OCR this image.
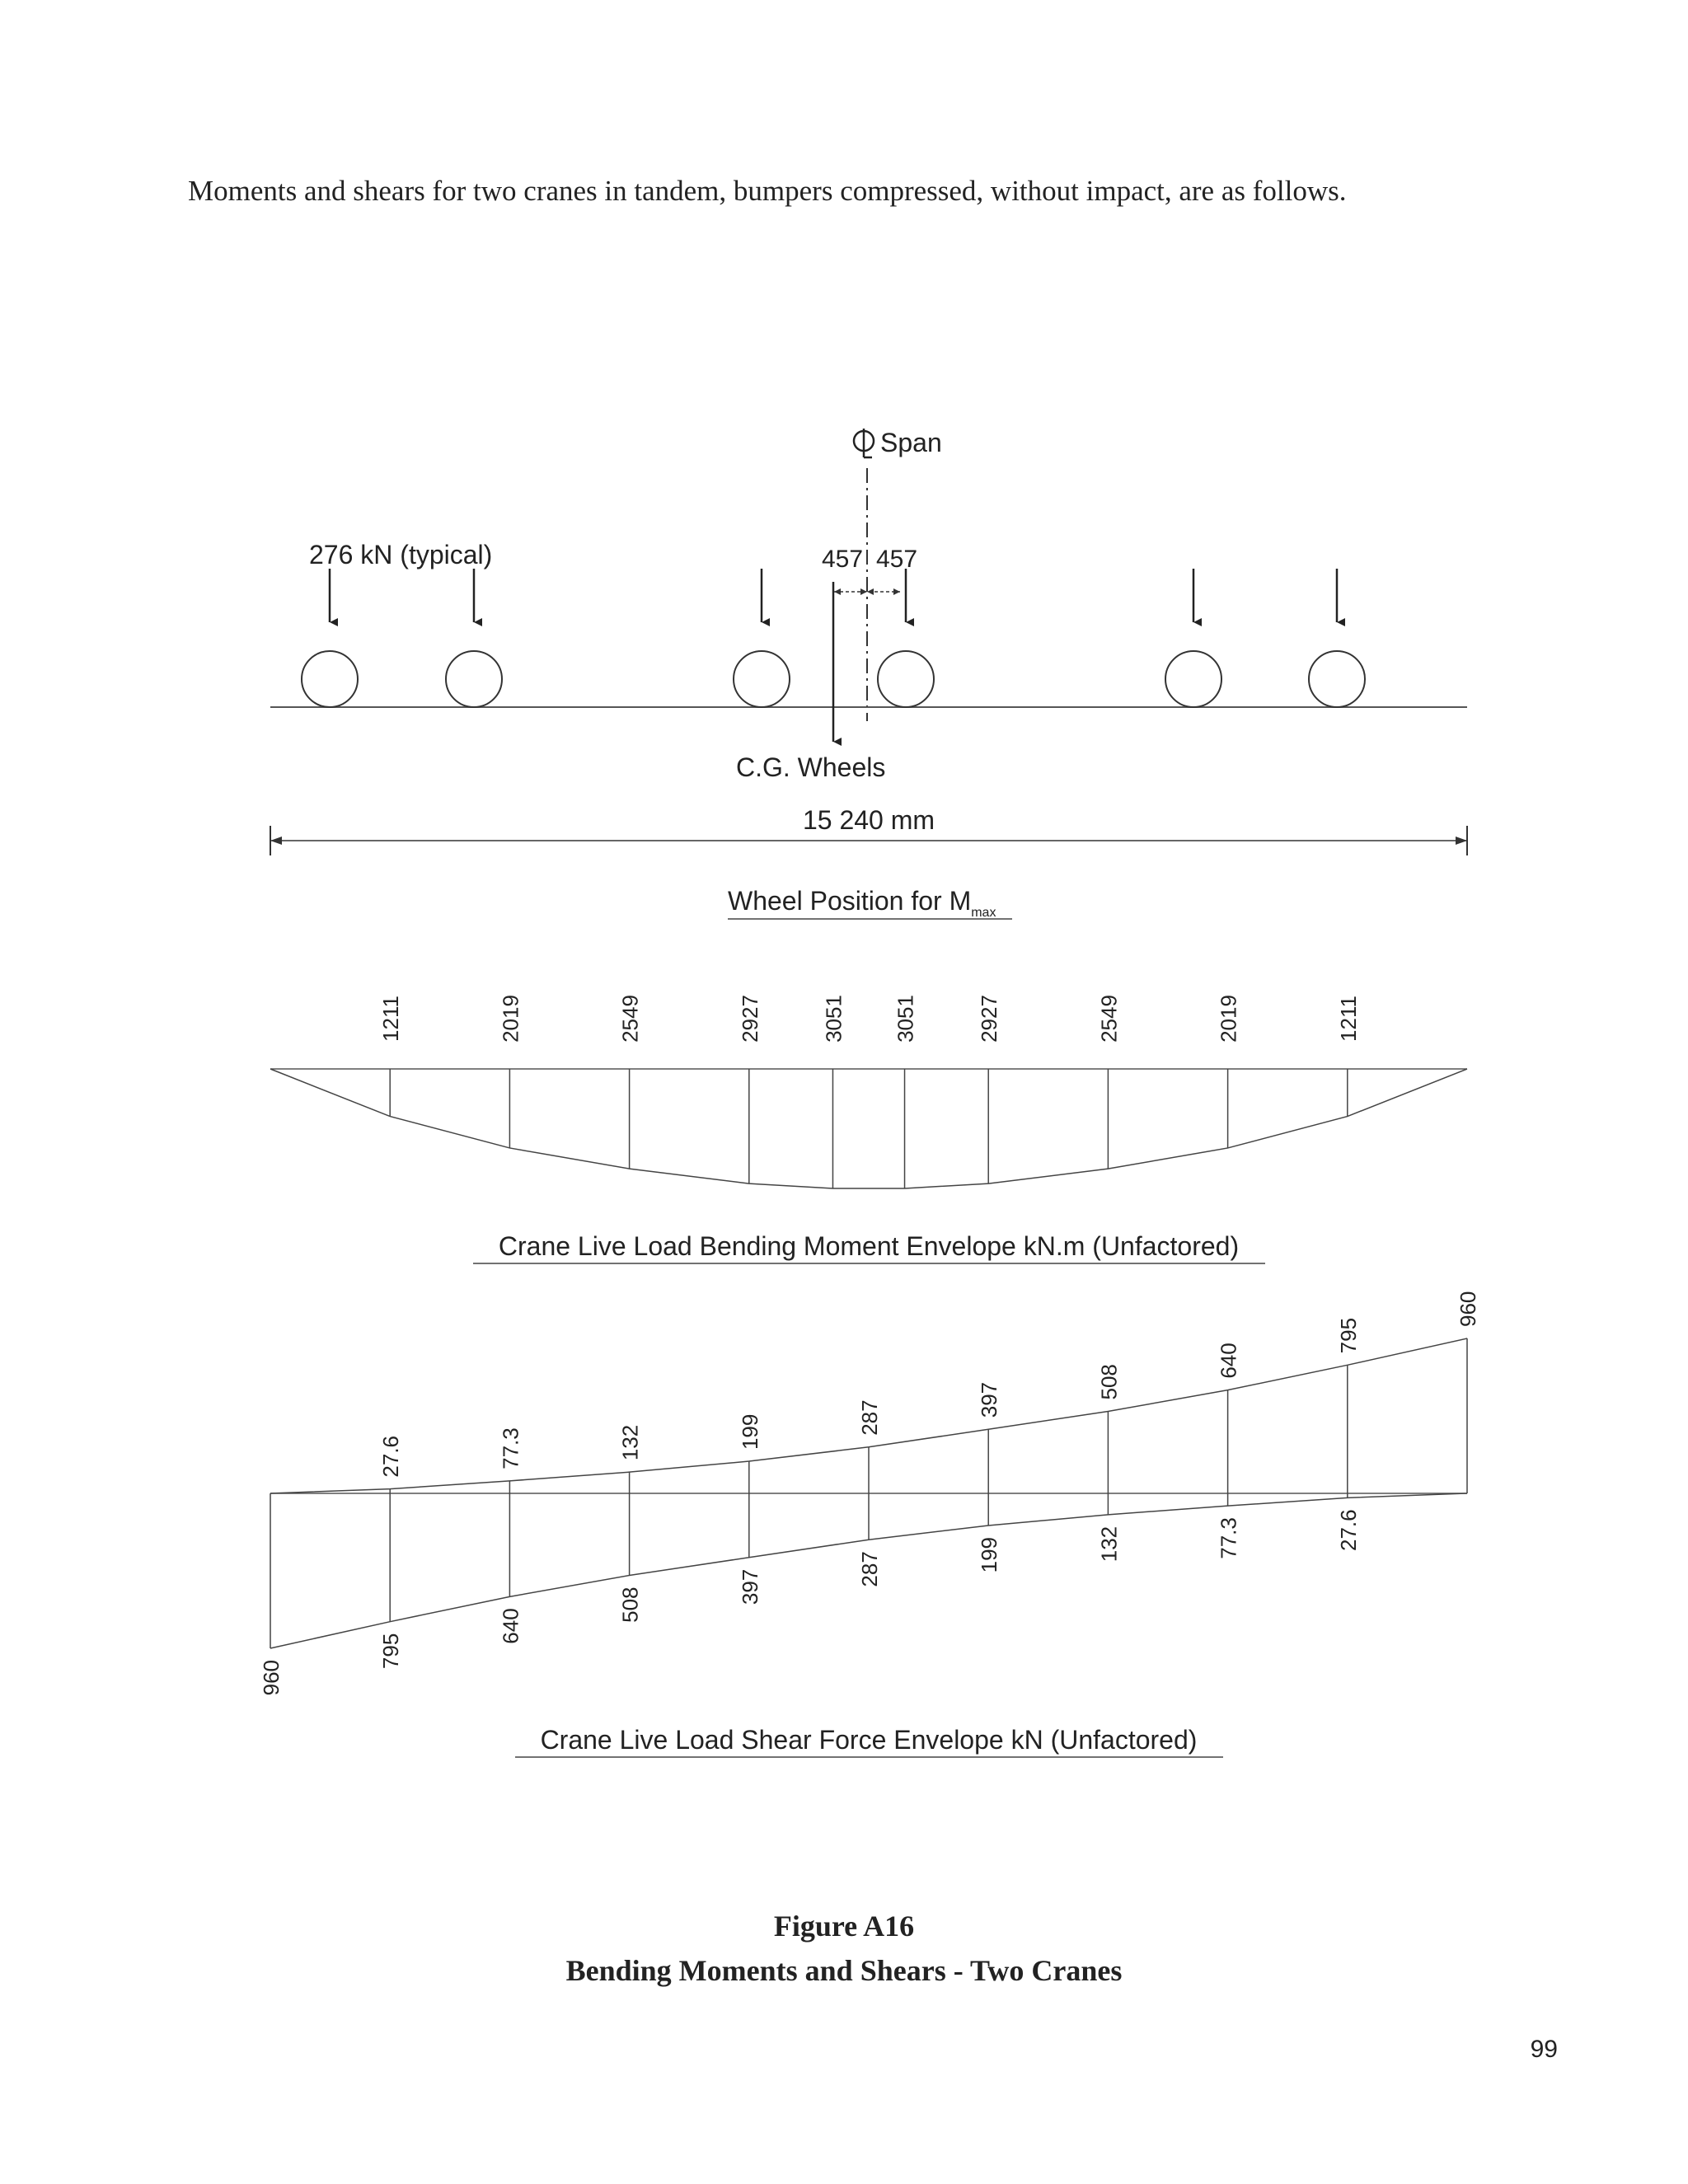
Moments and shears for two cranes in tandem, bumpers compressed, without impact, are as follows.
Span
276 kN (typical)	457 457
C.G. Wheels
15 240 mm
Wheel Position for $M_{max}$
1211	2019	2549	2927	3051 3051	2927	2549	2019	1211
Crane Live Load Bending Moment Envelope kN.m (Unfactored)
27.6	77.3	132	199	287	397
508
640
795
960
960
795
640
508
397	287	199	132	77.3	27.6
Crane Live Load Shear Force Envelope kN (Unfactored)
Figure A16
Bending Moments and Shears - Two Cranes
99
